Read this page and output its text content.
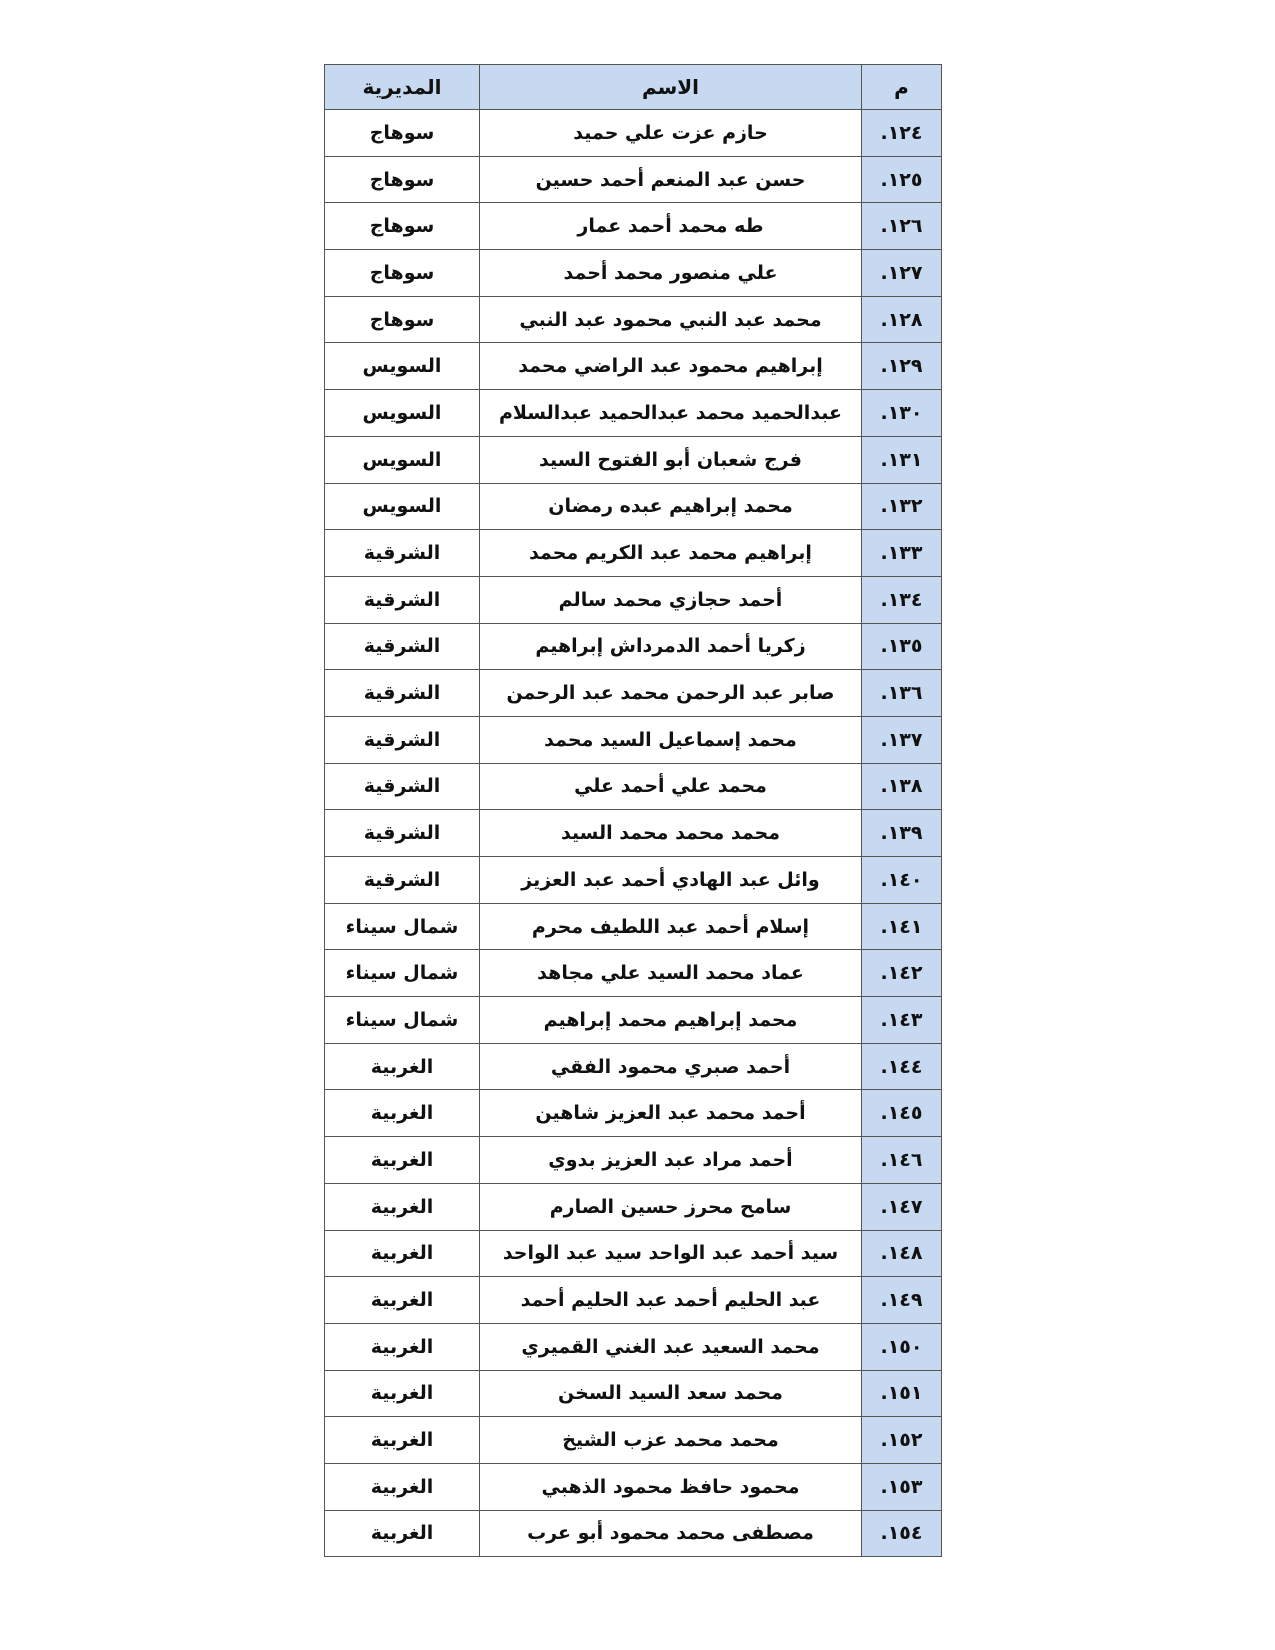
م	الاسم	المديرية
١٢٤.	حازم عزت علي حميد	سوهاج
١٢٥.	حسن عبد المنعم أحمد حسين	سوهاج
١٢٦.	طه محمد أحمد عمار	سوهاج
١٢٧.	علي منصور محمد أحمد	سوهاج
١٢٨.	محمد عبد النبي محمود عبد النبي	سوهاج
١٢٩.	إبراهيم محمود عبد الراضي محمد	السويس
١٣٠.	عبدالحميد محمد عبدالحميد عبدالسلام	السويس
١٣١.	فرج شعبان أبو الفتوح السيد	السويس
١٣٢.	محمد إبراهيم عبده رمضان	السويس
١٣٣.	إبراهيم محمد عبد الكريم محمد	الشرقية
١٣٤.	أحمد حجازي محمد سالم	الشرقية
١٣٥.	زكريا أحمد الدمرداش إبراهيم	الشرقية
١٣٦.	صابر عبد الرحمن محمد عبد الرحمن	الشرقية
١٣٧.	محمد إسماعيل السيد محمد	الشرقية
١٣٨.	محمد علي أحمد علي	الشرقية
١٣٩.	محمد محمد محمد السيد	الشرقية
١٤٠.	وائل عبد الهادي أحمد عبد العزيز	الشرقية
١٤١.	إسلام أحمد عبد اللطيف محرم	شمال سيناء
١٤٢.	عماد محمد السيد علي مجاهد	شمال سيناء
١٤٣.	محمد إبراهيم محمد إبراهيم	شمال سيناء
١٤٤.	أحمد صبري محمود الفقي	الغربية
١٤٥.	أحمد محمد عبد العزيز شاهين	الغربية
١٤٦.	أحمد مراد عبد العزيز بدوي	الغربية
١٤٧.	سامح محرز حسين الصارم	الغربية
١٤٨.	سيد أحمد عبد الواحد سيد عبد الواحد	الغربية
١٤٩.	عبد الحليم أحمد عبد الحليم أحمد	الغربية
١٥٠.	محمد السعيد عبد الغني القميري	الغربية
١٥١.	محمد سعد السيد السخن	الغربية
١٥٢.	محمد محمد عزب الشيخ	الغربية
١٥٣.	محمود حافظ محمود الذهبي	الغربية
١٥٤.	مصطفى محمد محمود أبو عرب	الغربية
